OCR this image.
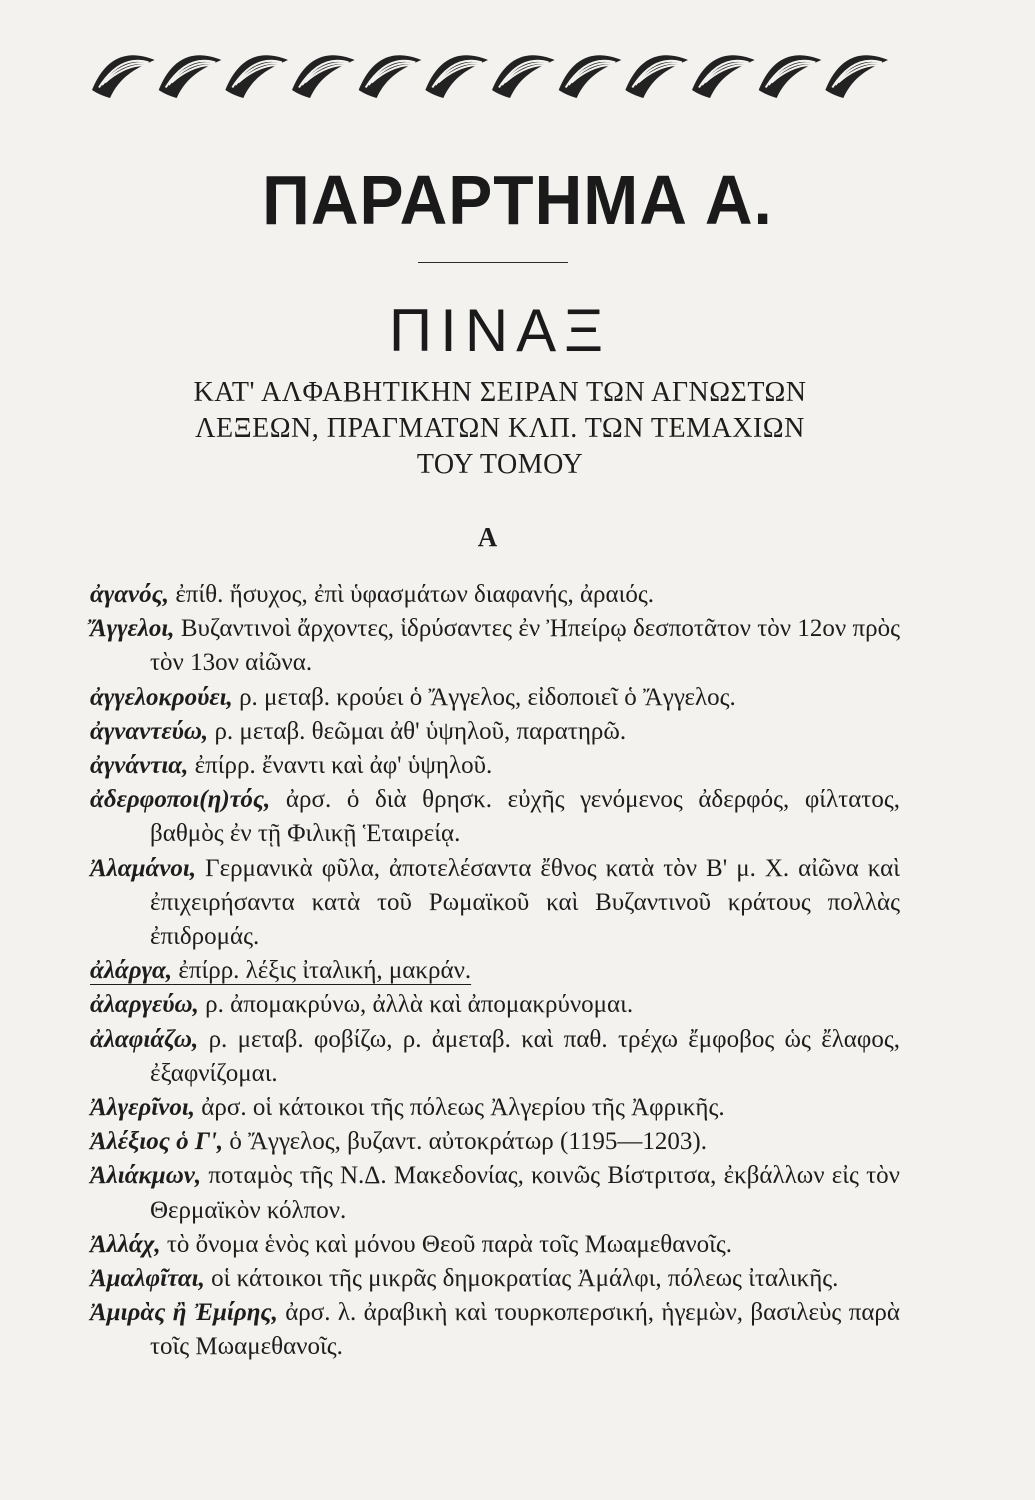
ΠΑΡΑΡΤΗΜΑ Α.
ΠΙΝΑΞ
ΚΑΤ' ΑΛΦΑΒΗΤΙΚΗΝ ΣΕΙΡΑΝ ΤΩΝ ΑΓΝΩΣΤΩΝ
ΛΕΞΕΩΝ, ΠΡΑΓΜΑΤΩΝ ΚΛΠ. ΤΩΝ ΤΕΜΑΧΙΩΝ
ΤΟΥ ΤΟΜΟΥ
Α

ἀγανός, ἐπίθ. ἥσυχος, ἐπὶ ὑφασμάτων διαφανής, ἀραιός.

Ἄγγελοι, Βυζαντινοὶ ἄρχοντες, ἱδρύσαντες ἐν Ἠπείρῳ δεσποτᾶτον τὸν 12ον πρὸς τὸν 13ον αἰῶνα.

ἀγγελοκρούει, ρ. μεταβ. κρούει ὁ Ἄγγελος, εἰδοποιεῖ ὁ Ἄγγελος.

ἀγναντεύω, ρ. μεταβ. θεῶμαι ἀθ' ὑψηλοῦ, παρατηρῶ.

ἀγνάντια, ἐπίρρ. ἔναντι καὶ ἀφ' ὑψηλοῦ.

ἀδερφοποι(η)τός, ἀρσ. ὁ διὰ θρησκ. εὐχῆς γενόμενος ἀδερφός, φίλτατος, βαθμὸς ἐν τῇ Φιλικῇ Ἑταιρείᾳ.

Ἀλαμάνοι, Γερμανικὰ φῦλα, ἀποτελέσαντα ἔθνος κατὰ τὸν Β' μ. Χ. αἰῶνα καὶ ἐπιχειρήσαντα κατὰ τοῦ Ρωμαϊκοῦ καὶ Βυζαντινοῦ κράτους πολλὰς ἐπιδρομάς.

ἀλάργα, ἐπίρρ. λέξις ἰταλική, μακράν.

ἀλαργεύω, ρ. ἀπομακρύνω, ἀλλὰ καὶ ἀπομακρύνομαι.

ἀλαφιάζω, ρ. μεταβ. φοβίζω, ρ. ἀμεταβ. καὶ παθ. τρέχω ἔμφοβος ὡς ἔλαφος, ἐξαφνίζομαι.

Ἀλγερῖνοι, ἀρσ. οἱ κάτοικοι τῆς πόλεως Ἀλγερίου τῆς Ἀφρικῆς.

Ἀλέξιος ὁ Γ', ὁ Ἄγγελος, βυζαντ. αὐτοκράτωρ (1195—1203).

Ἀλιάκμων, ποταμὸς τῆς Ν.Δ. Μακεδονίας, κοινῶς Βίστριτσα, ἐκβάλλων εἰς τὸν Θερμαϊκὸν κόλπον.

Ἀλλάχ, τὸ ὄνομα ἑνὸς καὶ μόνου Θεοῦ παρὰ τοῖς Μωαμεθανοῖς.

Ἀμαλφῖται, οἱ κάτοικοι τῆς μικρᾶς δημοκρατίας Ἀμάλφι, πόλεως ἰταλικῆς.

Ἀμιρὰς ἢ Ἐμίρης, ἀρσ. λ. ἀραβικὴ καὶ τουρκοπερσική, ἡγεμὼν, βασιλεὺς παρὰ τοῖς Μωαμεθανοῖς.
